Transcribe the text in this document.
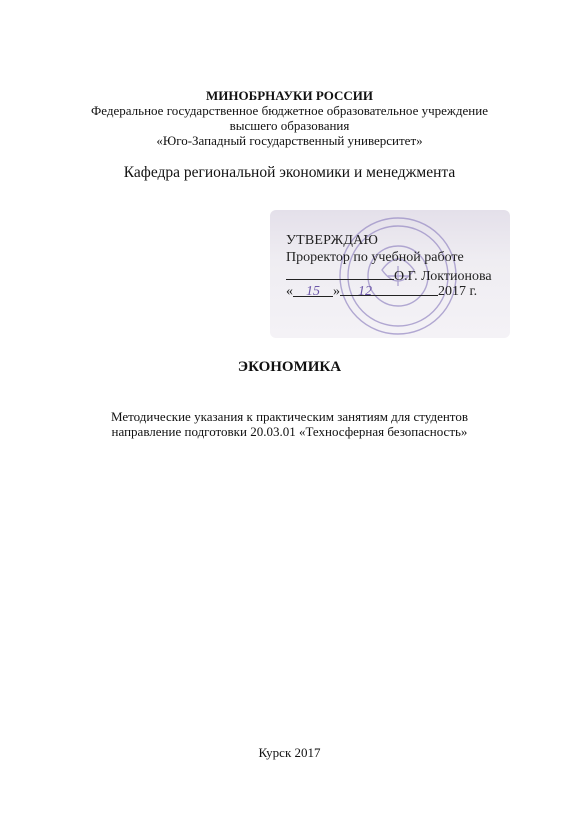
МИНОБРНАУКИ РОССИИ
Федеральное государственное бюджетное образовательное учреждение
высшего образования
«Юго-Западный государственный университет»
Кафедра региональной экономики и менеджмента
УТВЕРЖДАЮ
Проректор по учебной работе
О.Г. Локтионова
« 15 » 12	2017 г.
ЭКОНОМИКА
Методические указания к практическим занятиям для студентов
направление подготовки 20.03.01 «Техносферная безопасность»
Курск 2017
